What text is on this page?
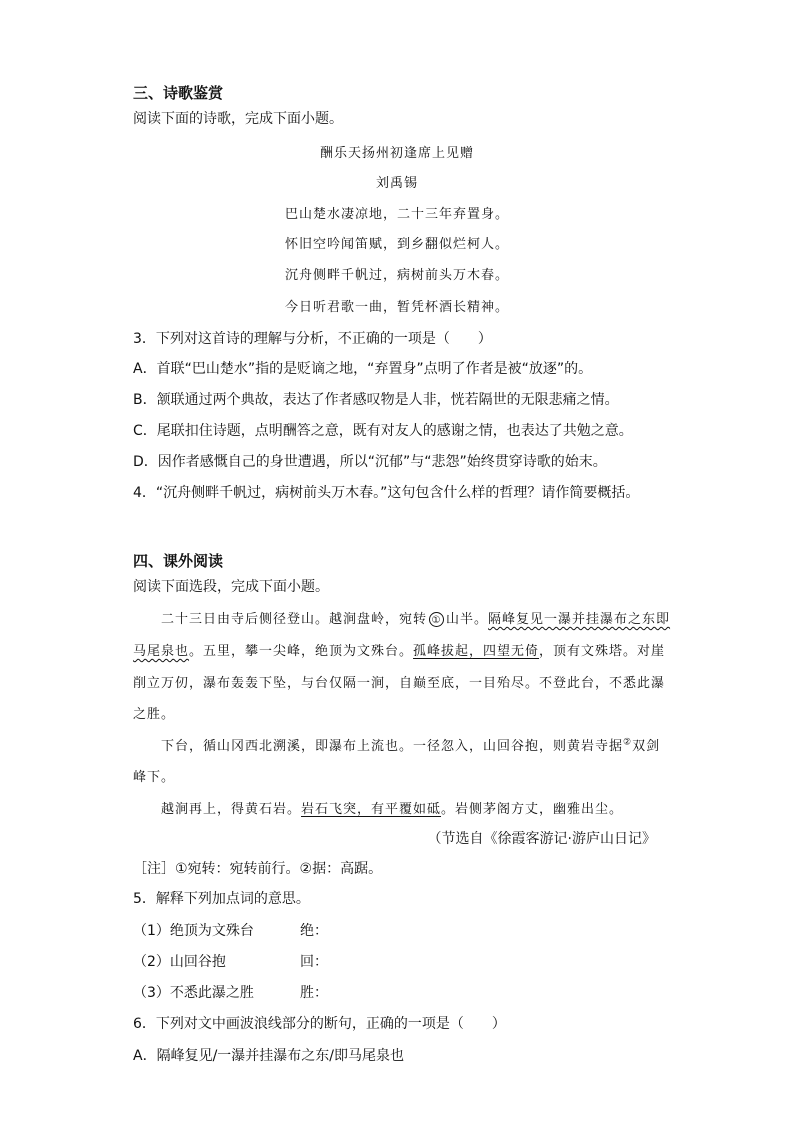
三、诗歌鉴赏
阅读下面的诗歌，完成下面小题。
酬乐天扬州初逢席上见赠
刘禹锡
巴山楚水凄凉地，二十三年弃置身。
怀旧空吟闻笛赋，到乡翻似烂柯人。
沉舟侧畔千帆过，病树前头万木春。
今日听君歌一曲，暂凭杯酒长精神。
3．下列对这首诗的理解与分析，不正确的一项是（　　）
A．首联“巴山楚水”指的是贬谪之地，“弃置身”点明了作者是被“放逐”的。
B．颔联通过两个典故，表达了作者感叹物是人非，恍若隔世的无限悲痛之情。
C．尾联扣住诗题，点明酬答之意，既有对友人的感谢之情，也表达了共勉之意。
D．因作者感慨自己的身世遭遇，所以“沉郁”与“悲怨”始终贯穿诗歌的始末。
4．“沉舟侧畔千帆过，病树前头万木春。”这句包含什么样的哲理？请作简要概括。
四、课外阅读
阅读下面选段，完成下面小题。
二十三日由寺后侧径登山。越涧盘岭，宛转 ① 山半。隔峰复见一瀑并挂瀑布之东即
马尾泉也。五里，攀一尖峰，绝顶为文殊台。孤峰拔起，四望无倚，顶有文殊塔。对崖
削立万仞，瀑布轰轰下坠，与台仅隔一涧，自巅至底，一目殆尽。不登此台，不悉此瀑
之胜。
下台，循山冈西北溯溪，即瀑布上流也。一径忽入，山回谷抱，则黄岩寺据②双剑
峰下。
越涧再上，得黄石岩。岩石飞突，有平覆如砥。岩侧茅阁方丈，幽雅出尘。
（节选自《徐霞客游记·游庐山日记》
［注］①宛转：宛转前行。②据：高踞。
5．解释下列加点词的意思。
（1）绝顶为文殊台	绝：
（2）山回谷抱	回：
（3）不悉此瀑之胜	胜：
6．下列对文中画波浪线部分的断句，正确的一项是（　　）
A．隔峰复见/一瀑并挂瀑布之东/即马尾泉也
